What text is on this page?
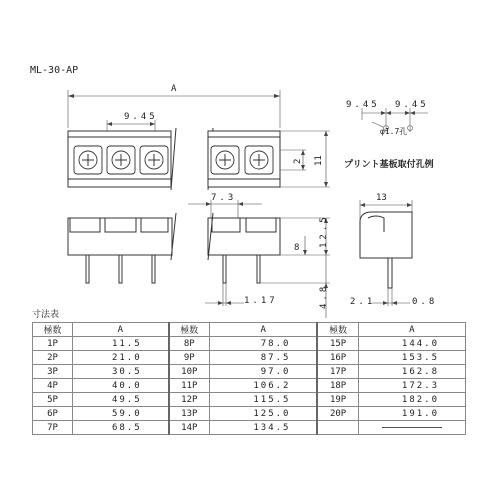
ML-30-AP
A
9.45
2 11
9.45 9.45
φ1.7孔
プリント基板取付孔例
7.3
8 12.5
4.8
1.17
13
2.1	0.8
寸法表
極数	A	極数	A	極数	A
1P	11.5	8P	78.0	15P	144.0
2P	21.0	9P	87.5	16P	153.5
3P	30.5	10P	97.0	17P	162.8
4P	40.0	11P	106.2	18P	172.3
5P	49.5	12P	115.5	19P	182.0
6P	59.0	13P	125.0	20P	191.0
7P	68.5	14P	134.5		
